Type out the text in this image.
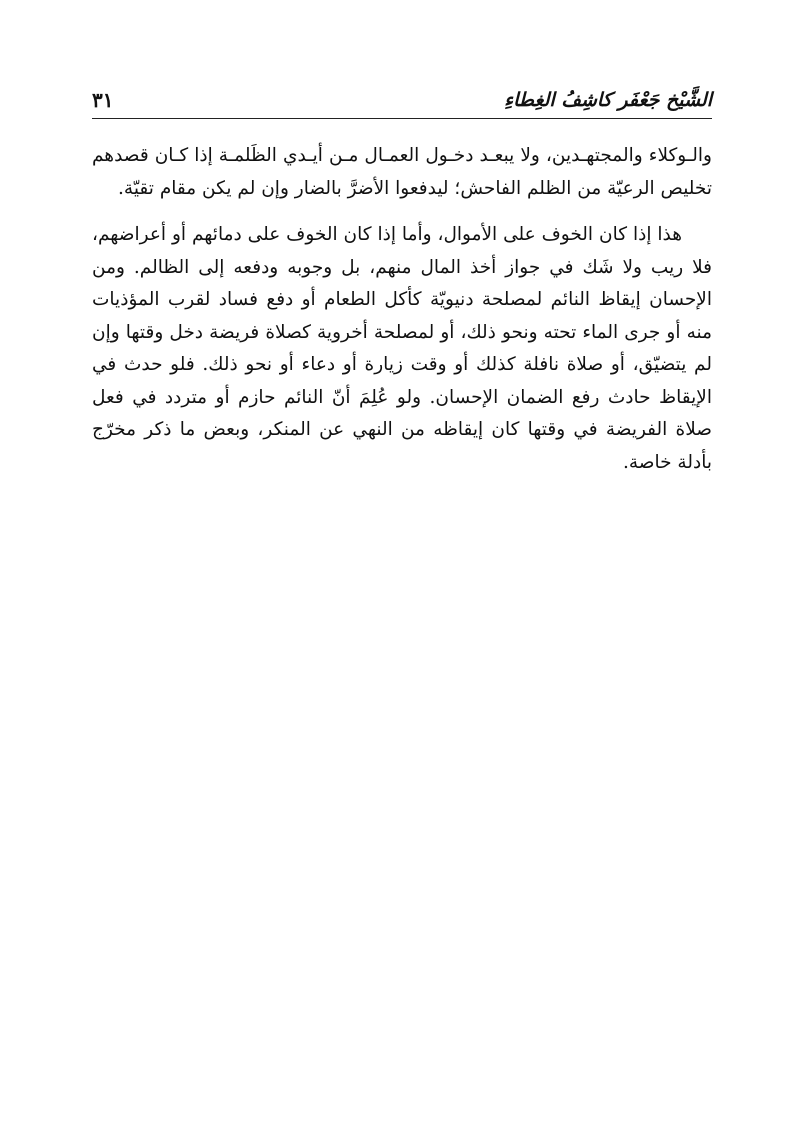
الشَّيْخ جَعْفَر كاشِفُ الغِطاءِ
٣١

والـوكلاء والمجتهـدين، ولا يبعـد دخـول العمـال مـن أيـدي الظَلمـة إذا كـان قصدهم تخليص الرعيّة من الظلم الفاحش؛ ليدفعوا الأضرَّ بالضار وإن لم يكن مقام تقيّة.

هذا إذا كان الخوف على الأموال، وأما إذا كان الخوف على دمائهم أو أعراضهم، فلا ريب ولا شَك في جواز أخذ المال منهم، بل وجوبه ودفعه إلى الظالم. ومن الإحسان إيقاظ النائم لمصلحة دنيويّة كأكل الطعام أو دفع فساد لقرب المؤذيات منه أو جرى الماء تحته ونحو ذلك، أو لمصلحة أخروية كصلاة فريضة دخل وقتها وإن لم يتضيّق، أو صلاة نافلة كذلك أو وقت زيارة أو دعاء أو نحو ذلك. فلو حدث في الإيقاظ حادث رفع الضمان الإحسان. ولو عُلِمَ أنّ النائم حازم أو متردد في فعل صلاة الفريضة في وقتها كان إيقاظه من النهي عن المنكر، وبعض ما ذكر مخرّج بأدلة خاصة.
